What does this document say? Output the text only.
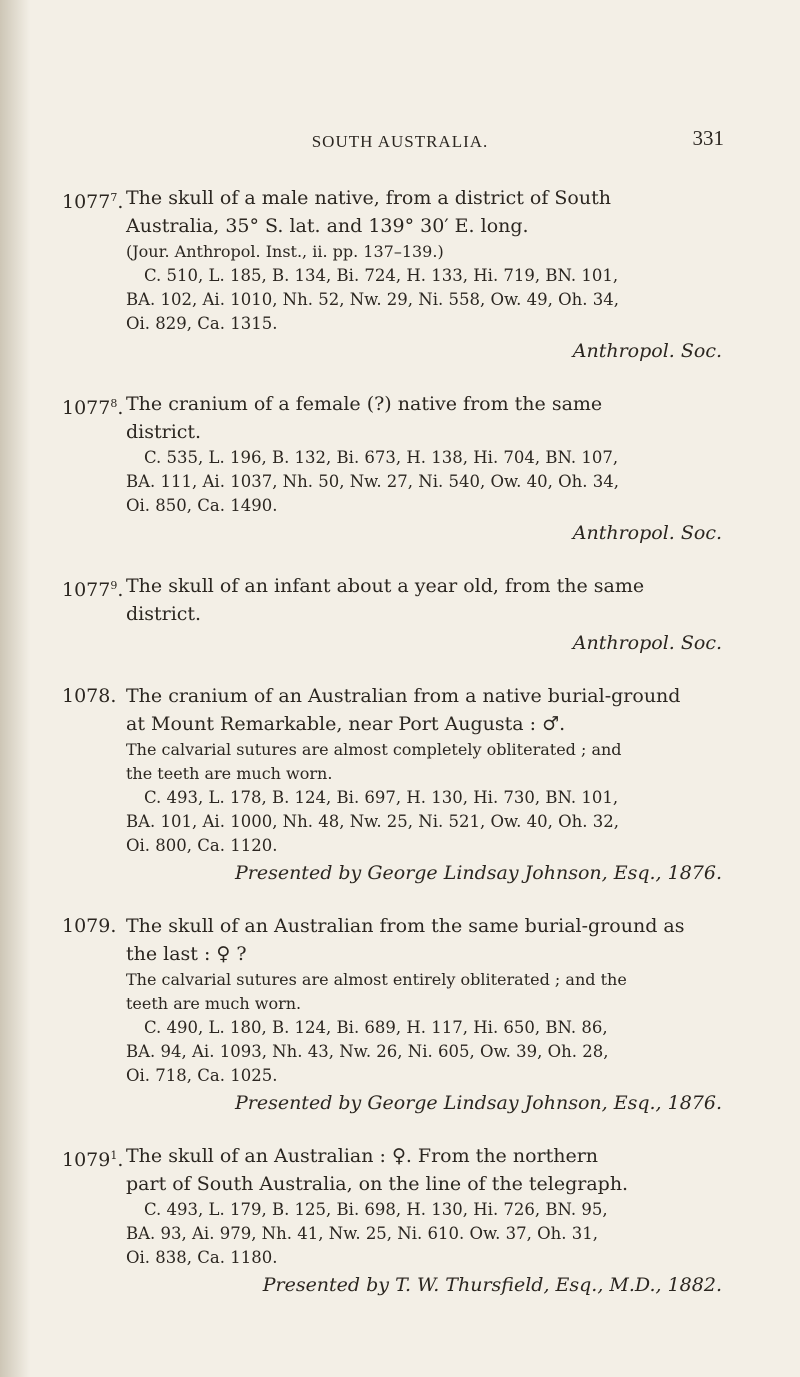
SOUTH AUSTRALIA.	331
1077$^7$. The skull of a male native, from a district of South
Australia, 35° S. lat. and 139° 30′ E. long.
(Jour. Anthropol. Inst., ii. pp. 137–139.)
C. 510, L. 185, B. 134, Bi. 724, H. 133, Hi. 719, BN. 101,
BA. 102, Ai. 1010, Nh. 52, Nw. 29, Ni. 558, Ow. 49, Oh. 34,
Oi. 829, Ca. 1315.
Anthropol. Soc.
1077$^8$. The cranium of a female (?) native from the same
district.
C. 535, L. 196, B. 132, Bi. 673, H. 138, Hi. 704, BN. 107,
BA. 111, Ai. 1037, Nh. 50, Nw. 27, Ni. 540, Ow. 40, Oh. 34,
Oi. 850, Ca. 1490.
Anthropol. Soc.
1077$^9$. The skull of an infant about a year old, from the same
district.
Anthropol. Soc.
1078. The cranium of an Australian from a native burial-ground
at Mount Remarkable, near Port Augusta : ♂.
The calvarial sutures are almost completely obliterated ; and
the teeth are much worn.
C. 493, L. 178, B. 124, Bi. 697, H. 130, Hi. 730, BN. 101,
BA. 101, Ai. 1000, Nh. 48, Nw. 25, Ni. 521, Ow. 40, Oh. 32,
Oi. 800, Ca. 1120.
Presented by George Lindsay Johnson, Esq., 1876.
1079. The skull of an Australian from the same burial-ground as
the last : ♀ ?
The calvarial sutures are almost entirely obliterated ; and the
teeth are much worn.
C. 490, L. 180, B. 124, Bi. 689, H. 117, Hi. 650, BN. 86,
BA. 94, Ai. 1093, Nh. 43, Nw. 26, Ni. 605, Ow. 39, Oh. 28,
Oi. 718, Ca. 1025.
Presented by George Lindsay Johnson, Esq., 1876.
1079$^1$. The skull of an Australian : ♀. From the northern
part of South Australia, on the line of the telegraph.
C. 493, L. 179, B. 125, Bi. 698, H. 130, Hi. 726, BN. 95,
BA. 93, Ai. 979, Nh. 41, Nw. 25, Ni. 610. Ow. 37, Oh. 31,
Oi. 838, Ca. 1180.
Presented by T. W. Thursfield, Esq., M.D., 1882.
